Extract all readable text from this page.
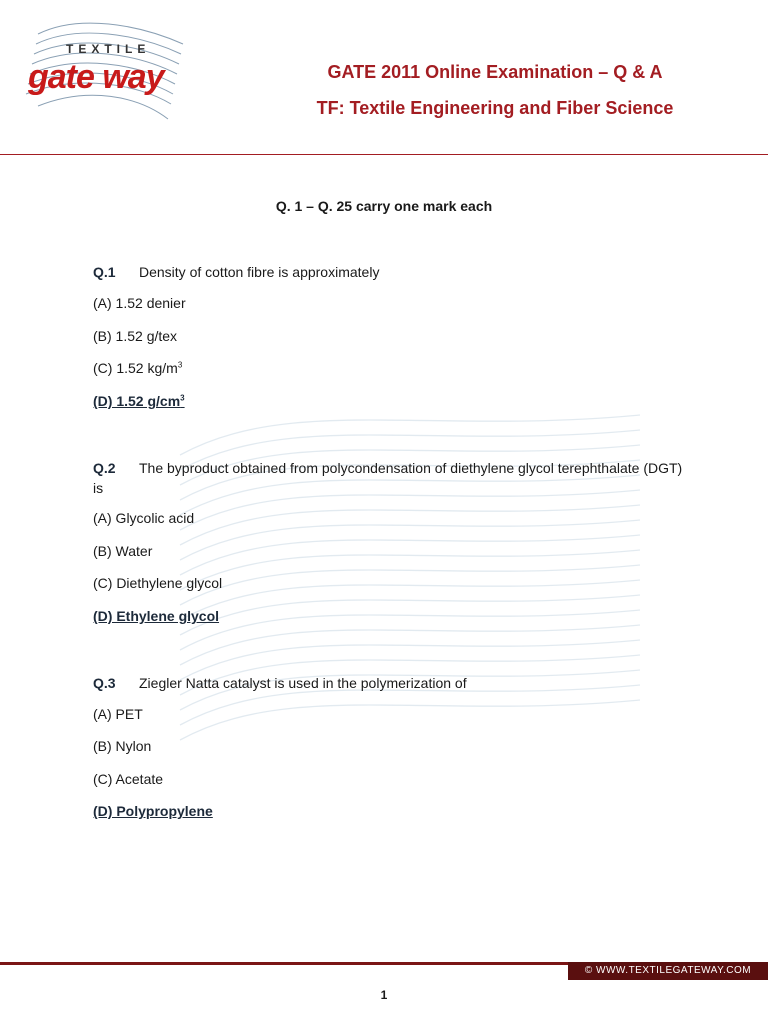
TEXTILE
gate way	GATE 2011 Online Examination – Q & A
TF: Textile Engineering and Fiber Science
Q. 1 – Q. 25 carry one mark each
Q.1 Density of cotton fibre is approximately
(A) 1.52 denier
(B) 1.52 g/tex
(C) 1.52 $kg/m^3$
(D) 1.52 $g/cm^3$
Q.2 The byproduct obtained from polycondensation of diethylene glycol terephthalate (DGT) is
(A) Glycolic acid
(B) Water
(C) Diethylene glycol
(D) Ethylene glycol
Q.3 Ziegler Natta catalyst is used in the polymerization of
(A) PET
(B) Nylon
(C) Acetate
(D) Polypropylene
© WWW.TEXTILEGATEWAY.COM
1
